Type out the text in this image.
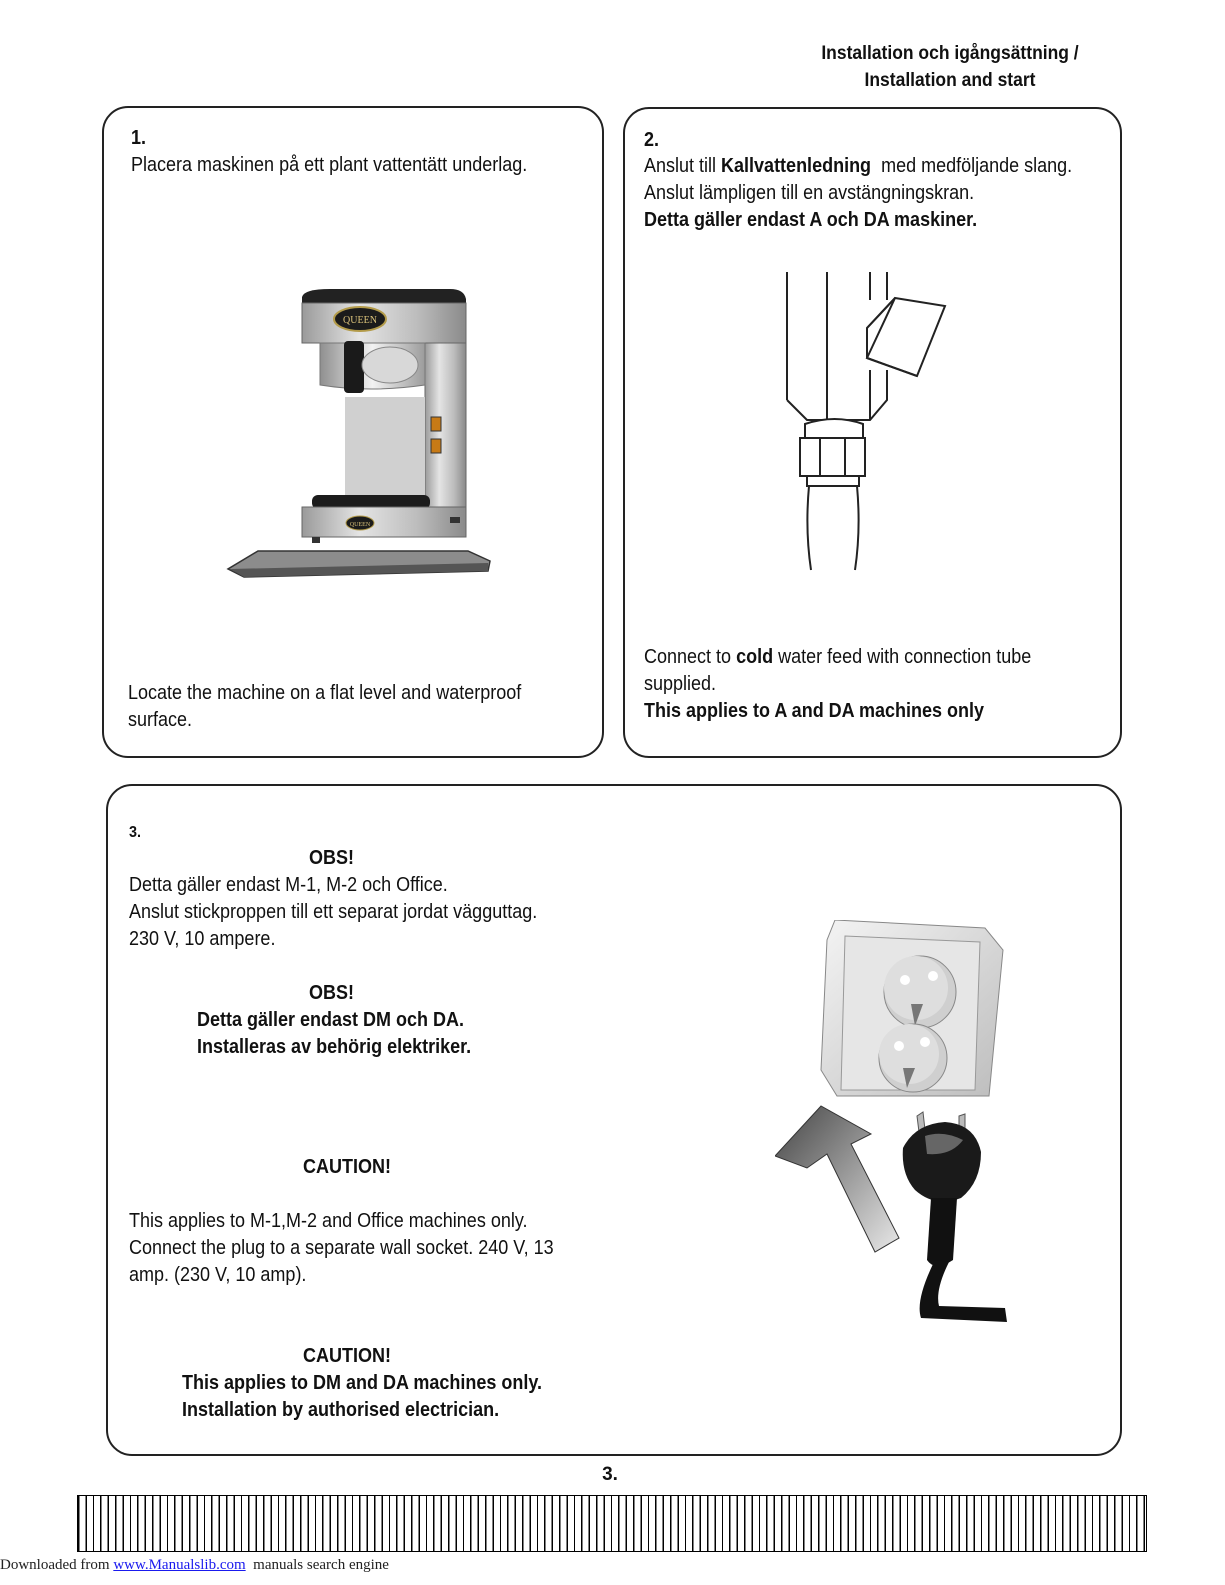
Installation och igångsättning /
Installation and start
1.
Placera maskinen på ett plant vattentätt underlag.
QUEEN
QUEEN
Locate the machine on a flat level and waterproof
surface.
2.
Anslut till Kallvattenledning  med medföljande slang.
Anslut lämpligen till en avstängningskran.
Detta gäller endast A och DA maskiner.
Connect to cold water feed with connection tube
supplied.
This applies to A and DA machines only
3.
OBS!
Detta gäller endast M-1, M-2 och Office.
Anslut stickproppen till ett separat jordat vägguttag.
230 V, 10 ampere.
OBS!
Detta gäller endast DM och DA.
Installeras av behörig elektriker.
CAUTION!
This applies to M-1,M-2 and Office machines only.
Connect the plug to a separate wall socket. 240 V, 13
amp. (230 V, 10 amp).
CAUTION!
This applies to DM and DA machines only.
Installation by authorised electrician.
3.
Downloaded from www.Manualslib.com  manuals search engine
